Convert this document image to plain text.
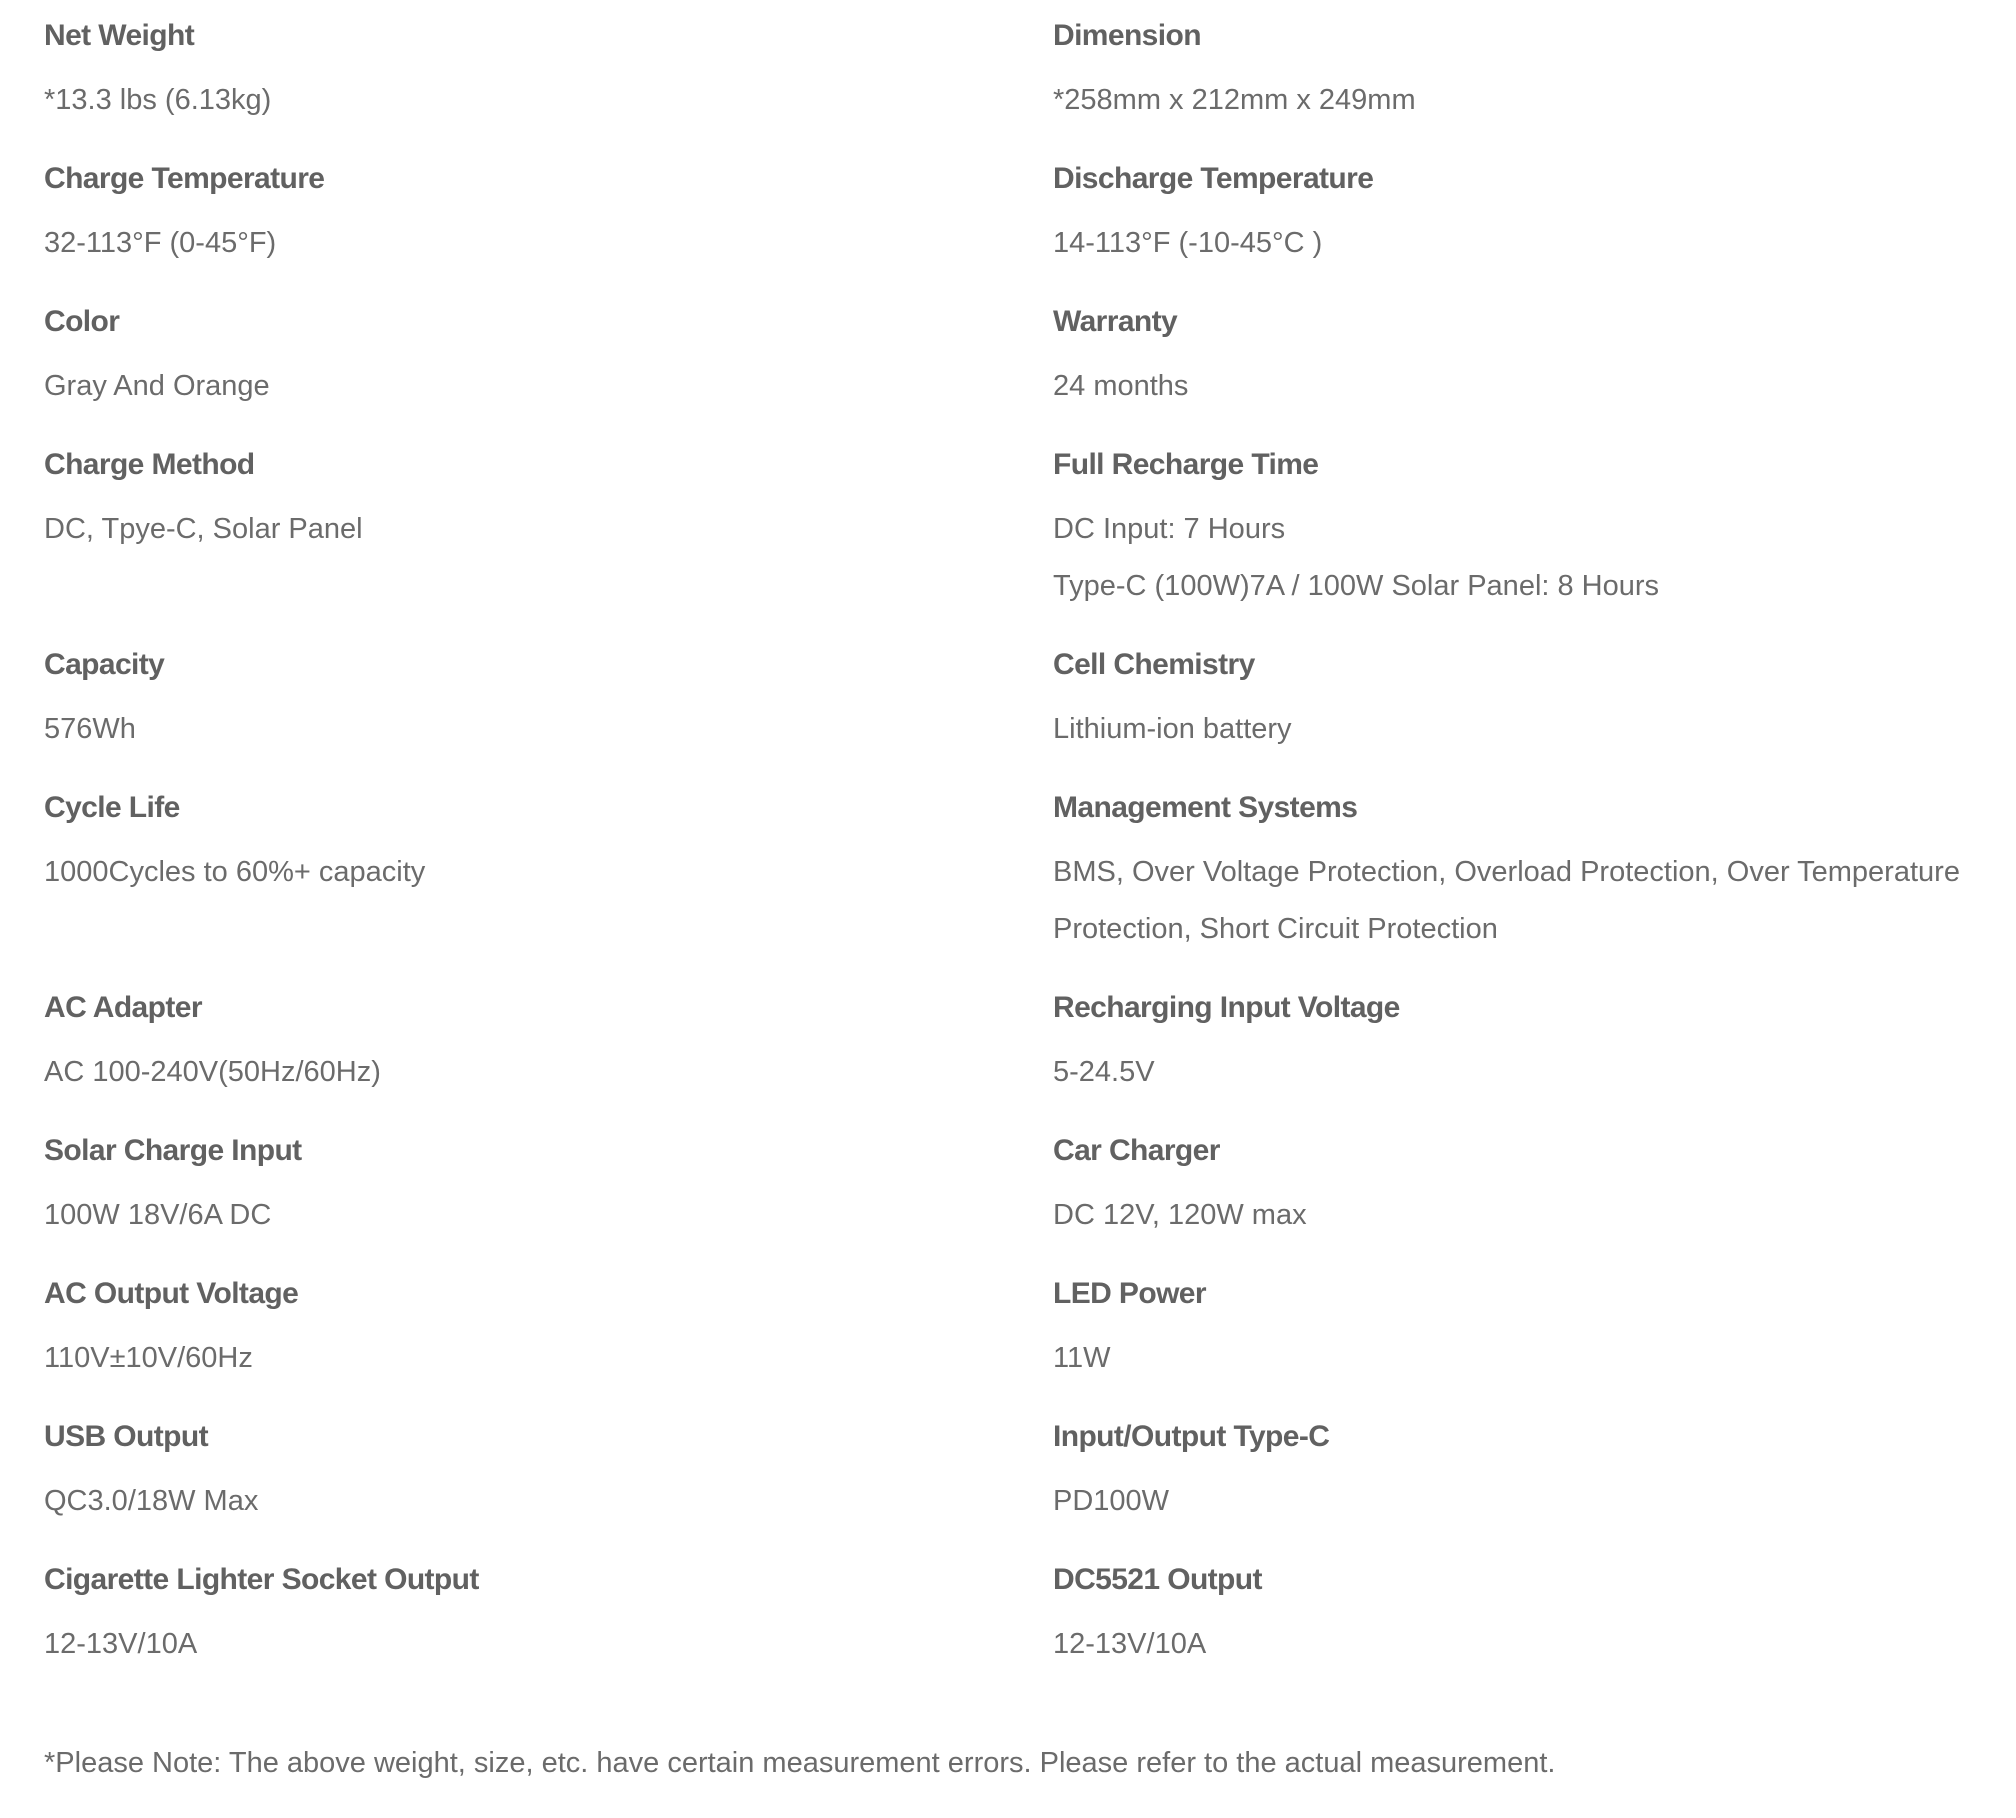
Net Weight
*13.3 lbs (6.13kg)
Charge Temperature
32-113°F (0-45°F)
Color
Gray And Orange
Charge Method
DC, Tpye-C, Solar Panel
Capacity
576Wh
Cycle Life
1000Cycles to 60%+ capacity
AC Adapter
AC 100-240V(50Hz/60Hz)
Solar Charge Input
100W 18V/6A DC
AC Output Voltage
110V±10V/60Hz
USB Output
QC3.0/18W Max
Cigarette Lighter Socket Output
12-13V/10A
Dimension
*258mm x 212mm x 249mm
Discharge Temperature
14-113°F (-10-45°C )
Warranty
24 months
Full Recharge Time
DC Input: 7 Hours
Type-C (100W)7A / 100W Solar Panel: 8 Hours
Cell Chemistry
Lithium-ion battery
Management Systems
BMS, Over Voltage Protection, Overload Protection, Over Temperature
Protection, Short Circuit Protection
Recharging Input Voltage
5-24.5V
Car Charger
DC 12V, 120W max
LED Power
11W
Input/Output Type-C
PD100W
DC5521 Output
12-13V/10A
*Please Note: The above weight, size, etc. have certain measurement errors. Please refer to the actual measurement.
